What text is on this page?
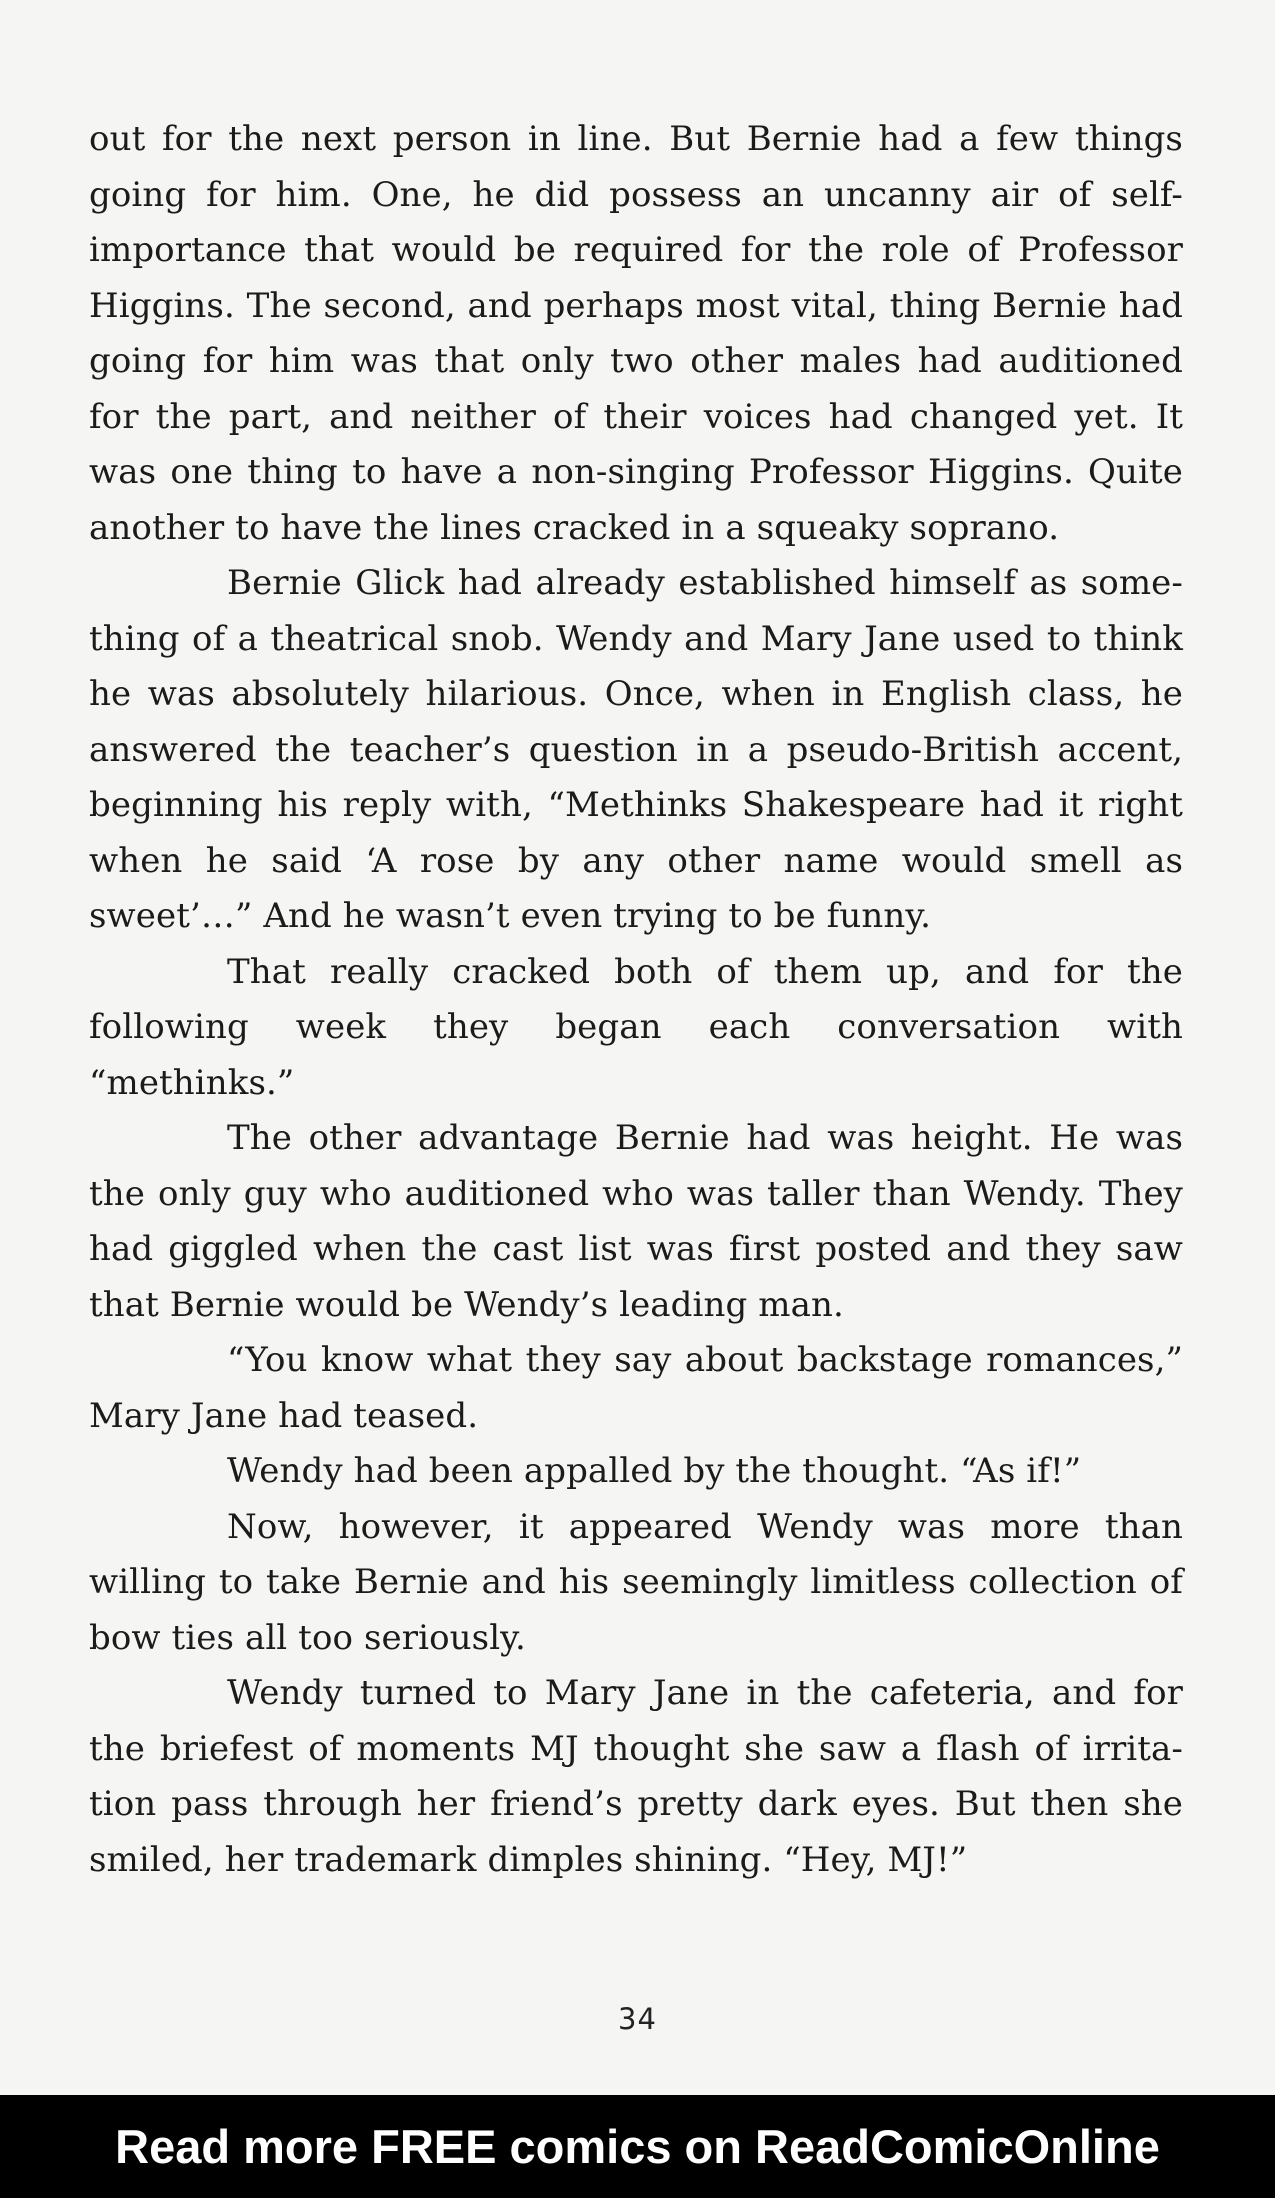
out for the next person in line. But Bernie had a few things going for him. One, he did possess an uncanny air of self-importance that would be required for the role of Professor Higgins. The second, and perhaps most vital, thing Bernie had going for him was that only two other males had auditioned for the part, and neither of their voices had changed yet. It was one thing to have a non-singing Professor Higgins. Quite another to have the lines cracked in a squeaky soprano.

Bernie Glick had already established himself as some-thing of a theatrical snob. Wendy and Mary Jane used to think he was absolutely hilarious. Once, when in English class, he answered the teacher’s question in a pseudo-British accent, beginning his reply with, “Methinks Shakespeare had it right when he said ‘A rose by any other name would smell as sweet’…” And he wasn’t even trying to be funny.

That really cracked both of them up, and for the following week they began each conversation with “methinks.”

The other advantage Bernie had was height. He was the only guy who auditioned who was taller than Wendy. They had giggled when the cast list was first posted and they saw that Bernie would be Wendy’s leading man.

“You know what they say about backstage romances,” Mary Jane had teased.

Wendy had been appalled by the thought. “As if!”

Now, however, it appeared Wendy was more than willing to take Bernie and his seemingly limitless collection of bow ties all too seriously.

Wendy turned to Mary Jane in the cafeteria, and for the briefest of moments MJ thought she saw a flash of irrita-tion pass through her friend’s pretty dark eyes. But then she smiled, her trademark dimples shining. “Hey, MJ!”

34
Read more FREE comics on ReadComicOnline
